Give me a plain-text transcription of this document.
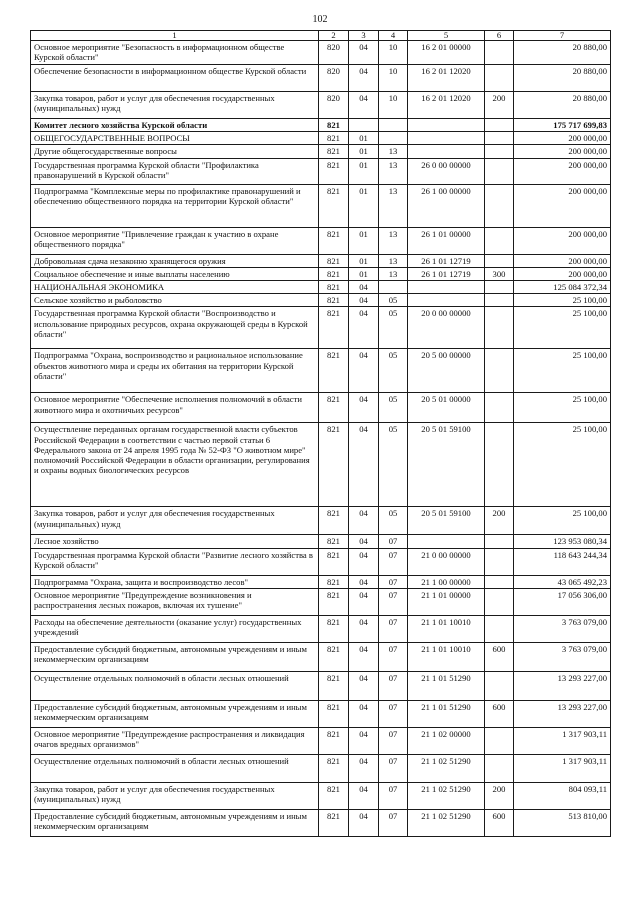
102
1	2	3	4	5	6	7
Основное мероприятие "Безопасность в информационном обществе Курской области"	820	04	10	16 2 01 00000		20 880,00
Обеспечение безопасности в информационном обществе Курской области	820	04	10	16 2 01 12020		20 880,00
Закупка товаров, работ и услуг для обеспечения государственных (муниципальных) нужд	820	04	10	16 2 01 12020	200	20 880,00
Комитет лесного хозяйства Курской области	821					175 717 699,83
ОБЩЕГОСУДАРСТВЕННЫЕ ВОПРОСЫ	821	01				200 000,00
Другие общегосударственные вопросы	821	01	13			200 000,00
Государственная программа Курской области "Профилактика правонарушений в Курской области"	821	01	13	26 0 00 00000		200 000,00
Подпрограмма "Комплексные меры по профилактике правонарушений и обеспечению общественного порядка на территории Курской области"	821	01	13	26 1 00 00000		200 000,00
Основное мероприятие "Привлечение граждан к участию в охране общественного порядка"	821	01	13	26 1 01 00000		200 000,00
Добровольная сдача незаконно хранящегося оружия	821	01	13	26 1 01 12719		200 000,00
Социальное обеспечение и иные выплаты населению	821	01	13	26 1 01 12719	300	200 000,00
НАЦИОНАЛЬНАЯ ЭКОНОМИКА	821	04				125 084 372,34
Сельское хозяйство и рыболовство	821	04	05			25 100,00
Государственная программа Курской области "Воспроизводство и использование природных ресурсов, охрана окружающей среды в Курской области"	821	04	05	20 0 00 00000		25 100,00
Подпрограмма "Охрана, воспроизводство и рациональное использование объектов животного мира и среды их обитания на территории Курской области"	821	04	05	20 5 00 00000		25 100,00
Основное мероприятие "Обеспечение исполнения полномочий в области животного мира и охотничьих ресурсов"	821	04	05	20 5 01 00000		25 100,00
Осуществление переданных органам государственной власти субъектов Российской Федерации в соответствии с частью первой статьи 6 Федерального закона от 24 апреля 1995 года № 52-ФЗ "О животном мире" полномочий Российской Федерации в области организации, регулирования и охраны водных биологических ресурсов	821	04	05	20 5 01 59100		25 100,00
Закупка товаров, работ и услуг для обеспечения государственных (муниципальных) нужд	821	04	05	20 5 01 59100	200	25 100,00
Лесное хозяйство	821	04	07			123 953 080,34
Государственная программа Курской области "Развитие лесного хозяйства в Курской области"	821	04	07	21 0 00 00000		118 643 244,34
Подпрограмма "Охрана, защита и воспроизводство лесов"	821	04	07	21 1 00 00000		43 065 492,23
Основное мероприятие "Предупреждение возникновения и распространения лесных пожаров, включая их тушение"	821	04	07	21 1 01 00000		17 056 306,00
Расходы на обеспечение деятельности (оказание услуг) государственных учреждений	821	04	07	21 1 01 10010		3 763 079,00
Предоставление субсидий бюджетным, автономным учреждениям и иным некоммерческим организациям	821	04	07	21 1 01 10010	600	3 763 079,00
Осуществление отдельных полномочий в области лесных отношений	821	04	07	21 1 01 51290		13 293 227,00
Предоставление субсидий бюджетным, автономным учреждениям и иным некоммерческим организациям	821	04	07	21 1 01 51290	600	13 293 227,00
Основное мероприятие "Предупреждение распространения и ликвидация очагов вредных организмов"	821	04	07	21 1 02 00000		1 317 903,11
Осуществление отдельных полномочий в области лесных отношений	821	04	07	21 1 02 51290		1 317 903,11
Закупка товаров, работ и услуг для обеспечения государственных (муниципальных) нужд	821	04	07	21 1 02 51290	200	804 093,11
Предоставление субсидий бюджетным, автономным учреждениям и иным некоммерческим организациям	821	04	07	21 1 02 51290	600	513 810,00
